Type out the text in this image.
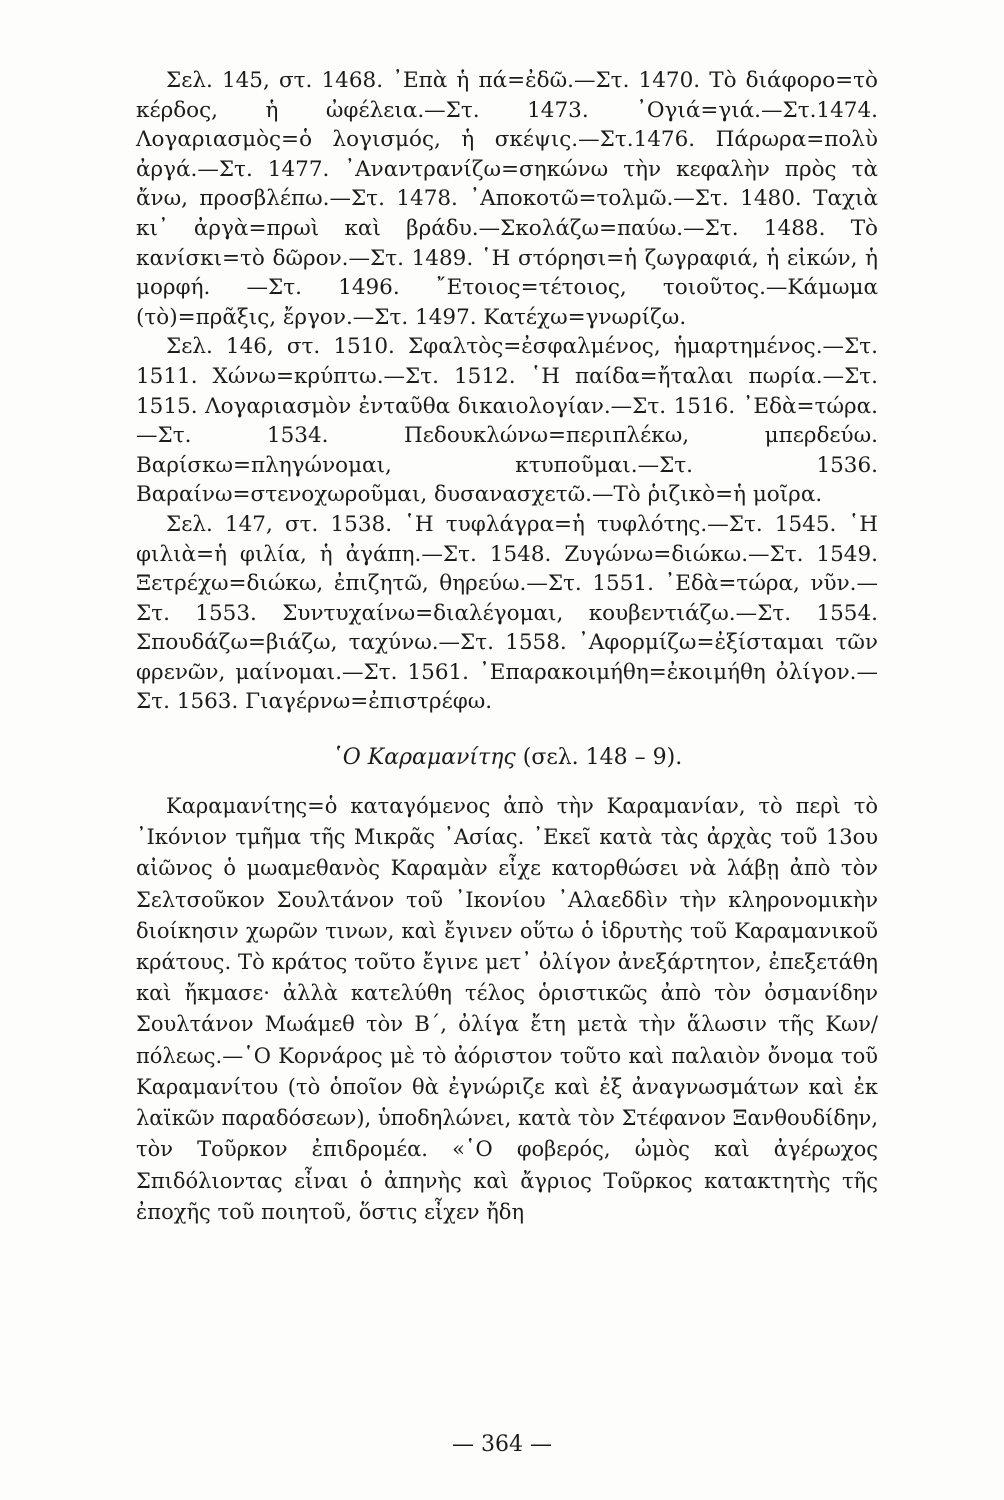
Σελ. 145, στ. 1468. ᾿Επὰ ἡ πά=ἐδῶ.—Στ. 1470. Τὸ διάφορο=τὸ κέρδος, ἡ ὠφέλεια.—Στ. 1473. ᾿Ογιά=γιά.—Στ.1474. Λογαριασμὸς=ὁ λογισμός, ἡ σκέψις.—Στ.1476. Πάρωρα=πολὺ ἀργά.—Στ. 1477. ᾿Αναντρανίζω=σηκώνω τὴν κεφαλὴν πρὸς τὰ ἄνω, προσβλέπω.—Στ. 1478. ᾿Αποκοτῶ=τολμῶ.—Στ. 1480. Ταχιὰ κι᾿ ἀργὰ=πρωὶ καὶ βράδυ.—Σκολάζω=παύω.—Στ. 1488. Τὸ κανίσκι=τὸ δῶρον.—Στ. 1489. ῾Η στόρησι=ἡ ζωγραφιά, ἡ εἰκών, ἡ μορφή. —Στ. 1496. ῎Ετοιος=τέτοιος, τοιοῦτος.—Κάμωμα (τὸ)=πρᾶξις, ἔργον.—Στ. 1497. Κατέχω=γνωρίζω.

Σελ. 146, στ. 1510. Σφαλτὸς=ἐσφαλμένος, ἡμαρτημένος.—Στ. 1511. Χώνω=κρύπτω.—Στ. 1512. ῾Η παίδα=ἤταλαι πωρία.—Στ. 1515. Λογαριασμὸν ἐνταῦθα δικαιολογίαν.—Στ. 1516. ᾿Εδὰ=τώρα.—Στ. 1534. Πεδουκλώνω=περιπλέκω, μπερδεύω. Βαρίσκω=πληγώνομαι, κτυποῦμαι.—Στ. 1536. Βαραίνω=στενοχωροῦμαι, δυσανασχετῶ.—Τὸ ῥιζικὸ=ἡ μοῖρα.

Σελ. 147, στ. 1538. ῾Η τυφλάγρα=ἡ τυφλότης.—Στ. 1545. ῾Η φιλιὰ=ἡ φιλία, ἡ ἀγάπη.—Στ. 1548. Ζυγώνω=διώκω.—Στ. 1549. Ξετρέχω=διώκω, ἐπιζητῶ, θηρεύω.—Στ. 1551. ᾿Εδὰ=τώρα, νῦν.—Στ. 1553. Συντυχαίνω=διαλέγομαι, κουβεντιάζω.—Στ. 1554. Σπουδάζω=βιάζω, ταχύνω.—Στ. 1558. ᾿Αφορμίζω=ἐξίσταμαι τῶν φρενῶν, μαίνομαι.—Στ. 1561. ᾿Επαρακοιμήθη=ἐκοιμήθη ὀλίγον.—Στ. 1563. Γιαγέρνω=ἐπιστρέφω.

῾Ο Καραμανίτης (σελ. 148 – 9).

Καραμανίτης=ὁ καταγόμενος ἀπὸ τὴν Καραμανίαν, τὸ περὶ τὸ ᾿Ικόνιον τμῆμα τῆς Μικρᾶς ᾿Ασίας. ᾿Εκεῖ κατὰ τὰς ἀρχὰς τοῦ 13ου αἰῶνος ὁ μωαμεθανὸς Καραμὰν εἶχε κατορθώσει νὰ λάβῃ ἀπὸ τὸν Σελτσοῦκον Σουλτάνον τοῦ ᾿Ικονίου ᾿Αλαεδδὶν τὴν κληρονομικὴν διοίκησιν χωρῶν τινων, καὶ ἔγινεν οὕτω ὁ ἱδρυτὴς τοῦ Καραμανικοῦ κράτους. Τὸ κράτος τοῦτο ἔγινε μετ᾿ ὀλίγον ἀνεξάρτητον, ἐπεξετάθη καὶ ἤκμασε· ἀλλὰ κατελύθη τέλος ὁριστικῶς ἀπὸ τὸν ὀσμανίδην Σουλτάνον Μωάμεθ τὸν Β΄, ὀλίγα ἔτη μετὰ τὴν ἅλωσιν τῆς Κων/πόλεως.—῾Ο Κορνάρος μὲ τὸ ἀόριστον τοῦτο καὶ παλαιὸν ὄνομα τοῦ Καραμανίτου (τὸ ὁποῖον θὰ ἐγνώριζε καὶ ἐξ ἀναγνωσμάτων καὶ ἐκ λαϊκῶν παραδόσεων), ὑποδηλώνει, κατὰ τὸν Στέφανον Ξανθουδίδην, τὸν Τοῦρκον ἐπιδρομέα. «῾Ο φοβερός, ὠμὸς καὶ ἀγέρωχος Σπιδόλιοντας εἶναι ὁ ἀπηνὴς καὶ ἄγριος Τοῦρκος κατακτητὴς τῆς ἐποχῆς τοῦ ποιητοῦ, ὅστις εἶχεν ἤδη

— 364 —
